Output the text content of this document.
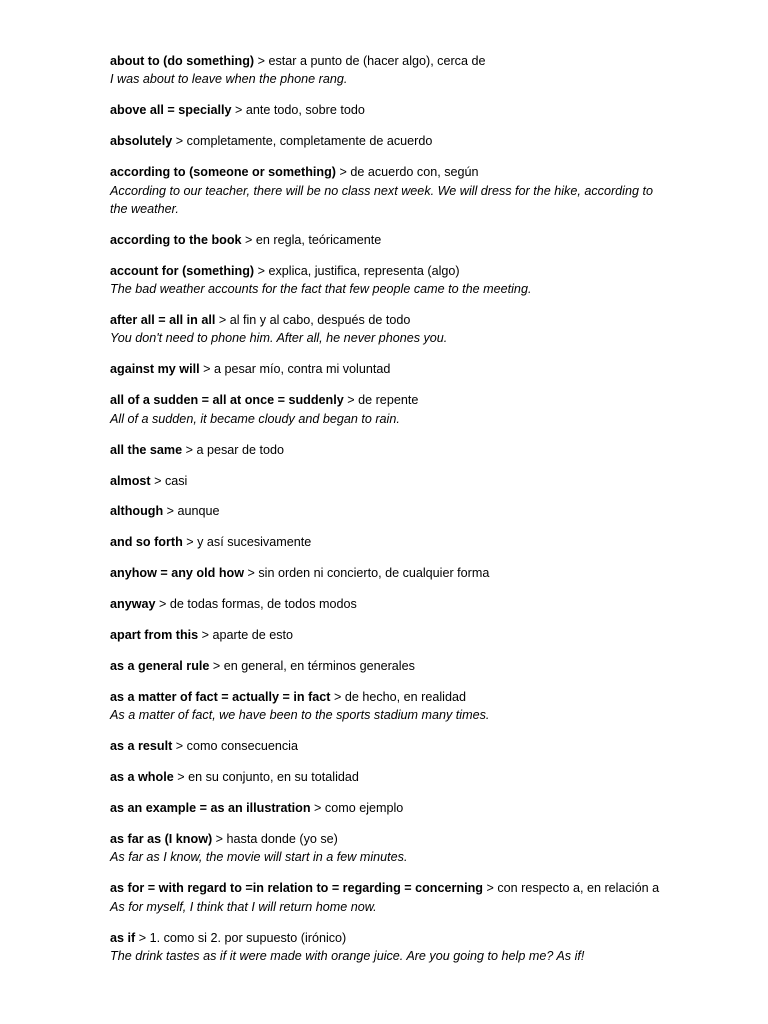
about to (do something) > estar a punto de (hacer algo), cerca de
I was about to leave when the phone rang.
above all = specially > ante todo, sobre todo
absolutely > completamente, completamente de acuerdo
according to (someone or something) > de acuerdo con, según
According to our teacher, there will be no class next week. We will dress for the hike, according to the weather.
according to the book > en regla, teóricamente
account for (something) > explica, justifica, representa (algo)
The bad weather accounts for the fact that few people came to the meeting.
after all = all in all > al fin y al cabo, después de todo
You don't need to phone him. After all, he never phones you.
against my will > a pesar mío, contra mi voluntad
all of a sudden = all at once = suddenly > de repente
All of a sudden, it became cloudy and began to rain.
all the same > a pesar de todo
almost > casi
although > aunque
and so forth > y así sucesivamente
anyhow = any old how > sin orden ni concierto, de cualquier forma
anyway > de todas formas, de todos modos
apart from this > aparte de esto
as a general rule > en general, en términos generales
as a matter of fact = actually = in fact > de hecho, en realidad
As a matter of fact, we have been to the sports stadium many times.
as a result > como consecuencia
as a whole > en su conjunto, en su totalidad
as an example = as an illustration > como ejemplo
as far as (I know) > hasta donde (yo se)
As far as I know, the movie will start in a few minutes.
as for = with regard to =in relation to = regarding = concerning > con respecto a, en relación a
As for myself, I think that I will return home now.
as if > 1. como si 2. por supuesto (irónico)
The drink tastes as if it were made with orange juice. Are you going to help me? As if!
